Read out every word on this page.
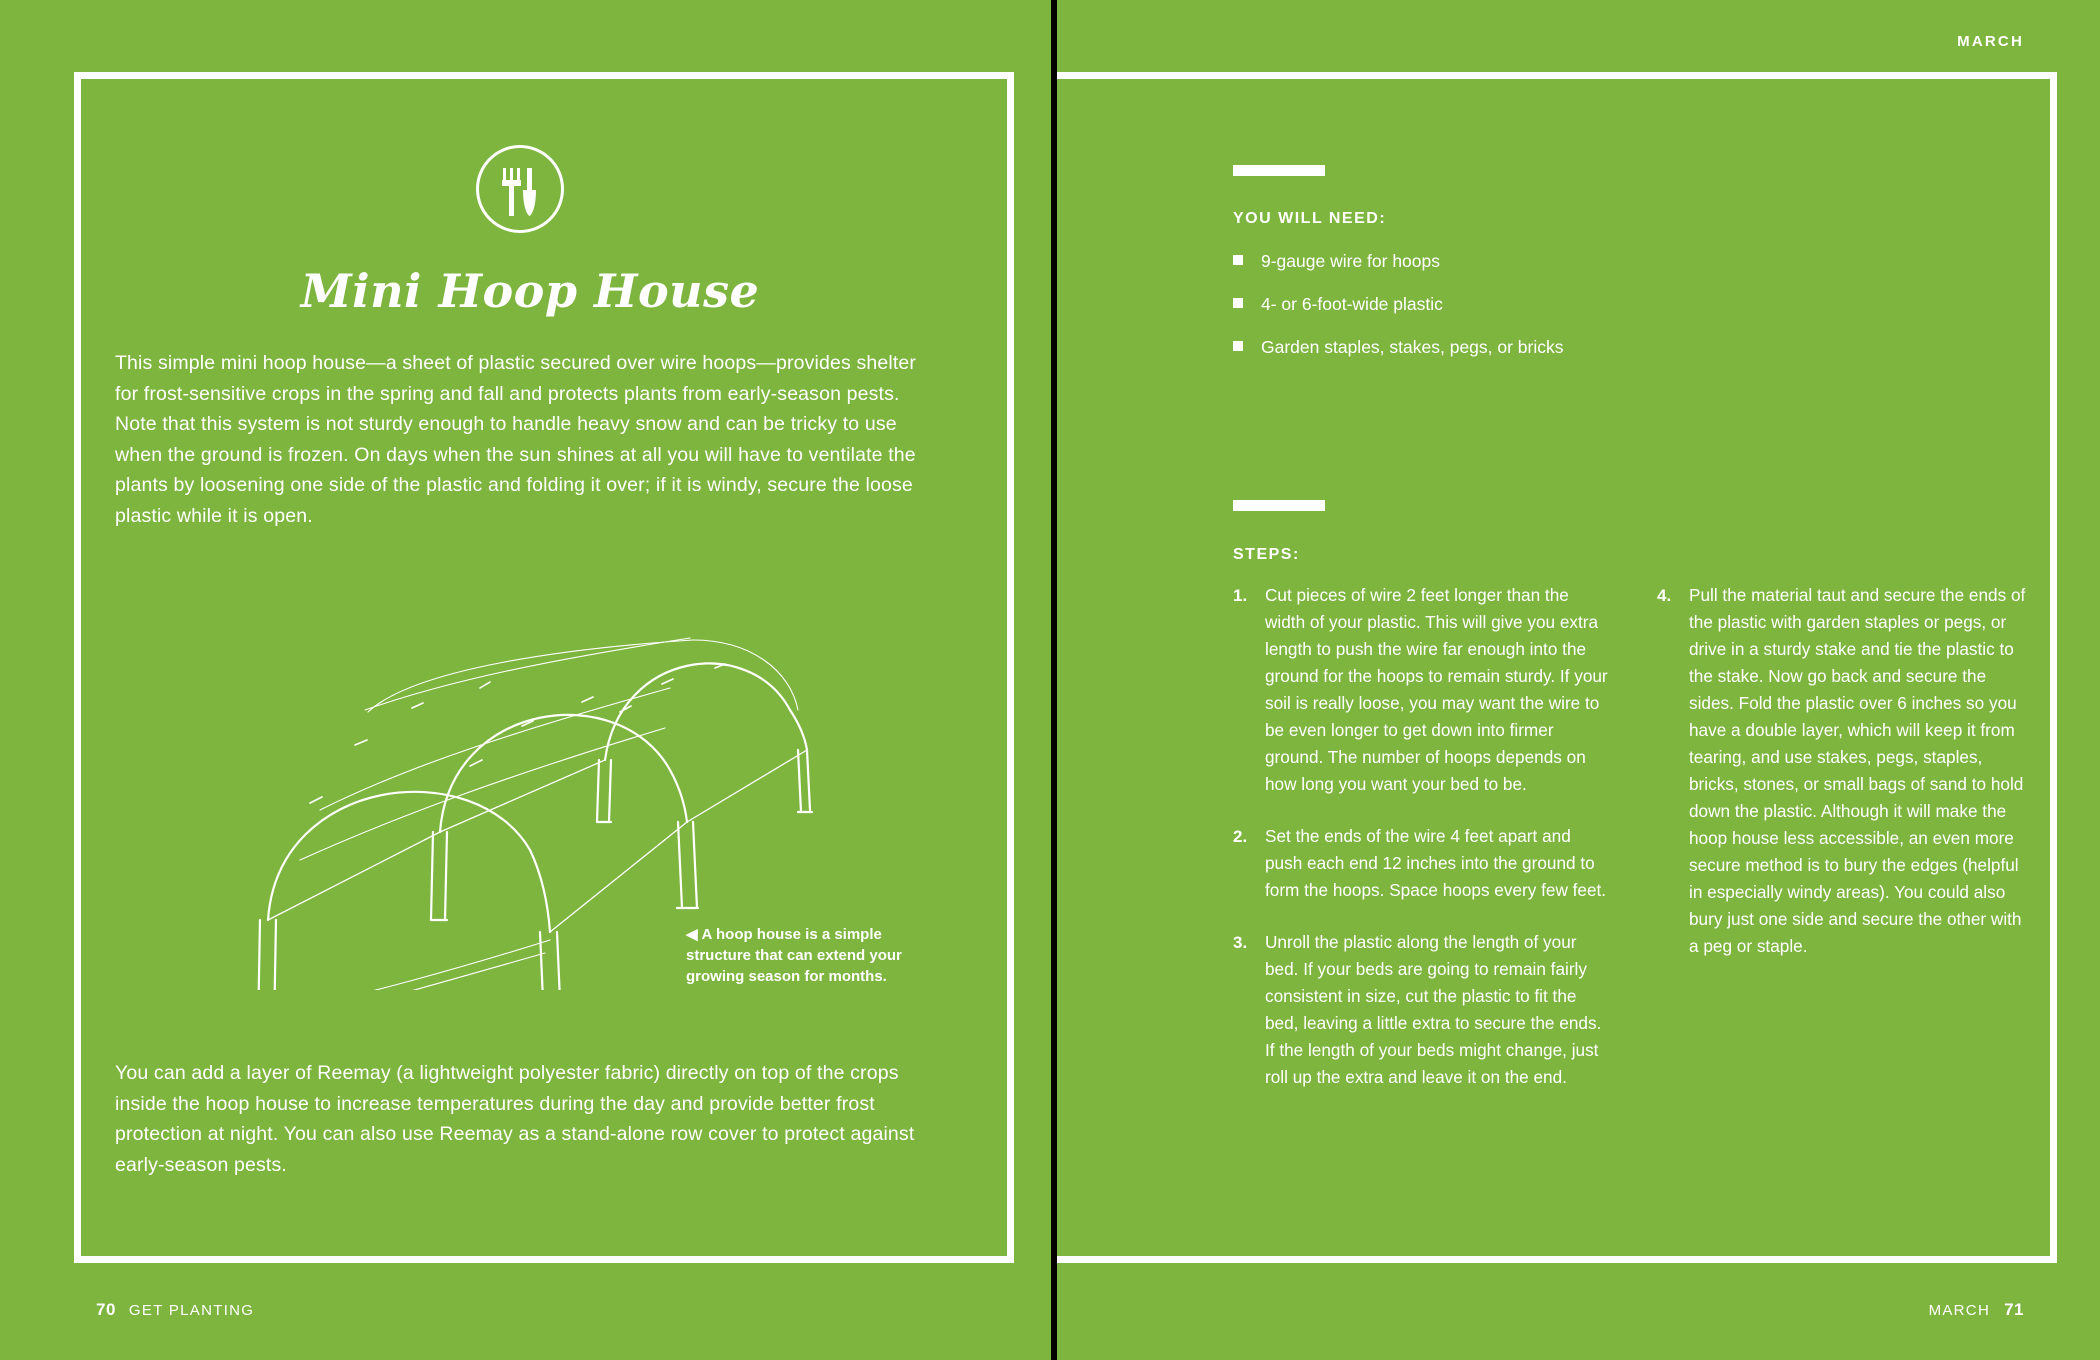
Mini Hoop House
This simple mini hoop house—a sheet of plastic secured over wire hoops—provides shelter for frost-sensitive crops in the spring and fall and protects plants from early-season pests. Note that this system is not sturdy enough to handle heavy snow and can be tricky to use when the ground is frozen. On days when the sun shines at all you will have to ventilate the plants by loosening one side of the plastic and folding it over; if it is windy, secure the loose plastic while it is open.
◀ A hoop house is a simple structure that can extend your growing season for months.
You can add a layer of Reemay (a lightweight polyester fabric) directly on top of the crops inside the hoop house to increase temperatures during the day and provide better frost protection at night. You can also use Reemay as a stand-alone row cover to protect against early-season pests.
70 GET PLANTING
MARCH
YOU WILL NEED:
9-gauge wire for hoops
4- or 6-foot-wide plastic
Garden staples, stakes, pegs, or bricks
STEPS:
1. Cut pieces of wire 2 feet longer than the width of your plastic. This will give you extra length to push the wire far enough into the ground for the hoops to remain sturdy. If your soil is really loose, you may want the wire to be even longer to get down into firmer ground. The number of hoops depends on how long you want your bed to be.
2. Set the ends of the wire 4 feet apart and push each end 12 inches into the ground to form the hoops. Space hoops every few feet.
3. Unroll the plastic along the length of your bed. If your beds are going to remain fairly consistent in size, cut the plastic to fit the bed, leaving a little extra to secure the ends. If the length of your beds might change, just roll up the extra and leave it on the end.
4. Pull the material taut and secure the ends of the plastic with garden staples or pegs, or drive in a sturdy stake and tie the plastic to the stake. Now go back and secure the sides. Fold the plastic over 6 inches so you have a double layer, which will keep it from tearing, and use stakes, pegs, staples, bricks, stones, or small bags of sand to hold down the plastic. Although it will make the hoop house less accessible, an even more secure method is to bury the edges (helpful in especially windy areas). You could also bury just one side and secure the other with a peg or staple.
MARCH 71
